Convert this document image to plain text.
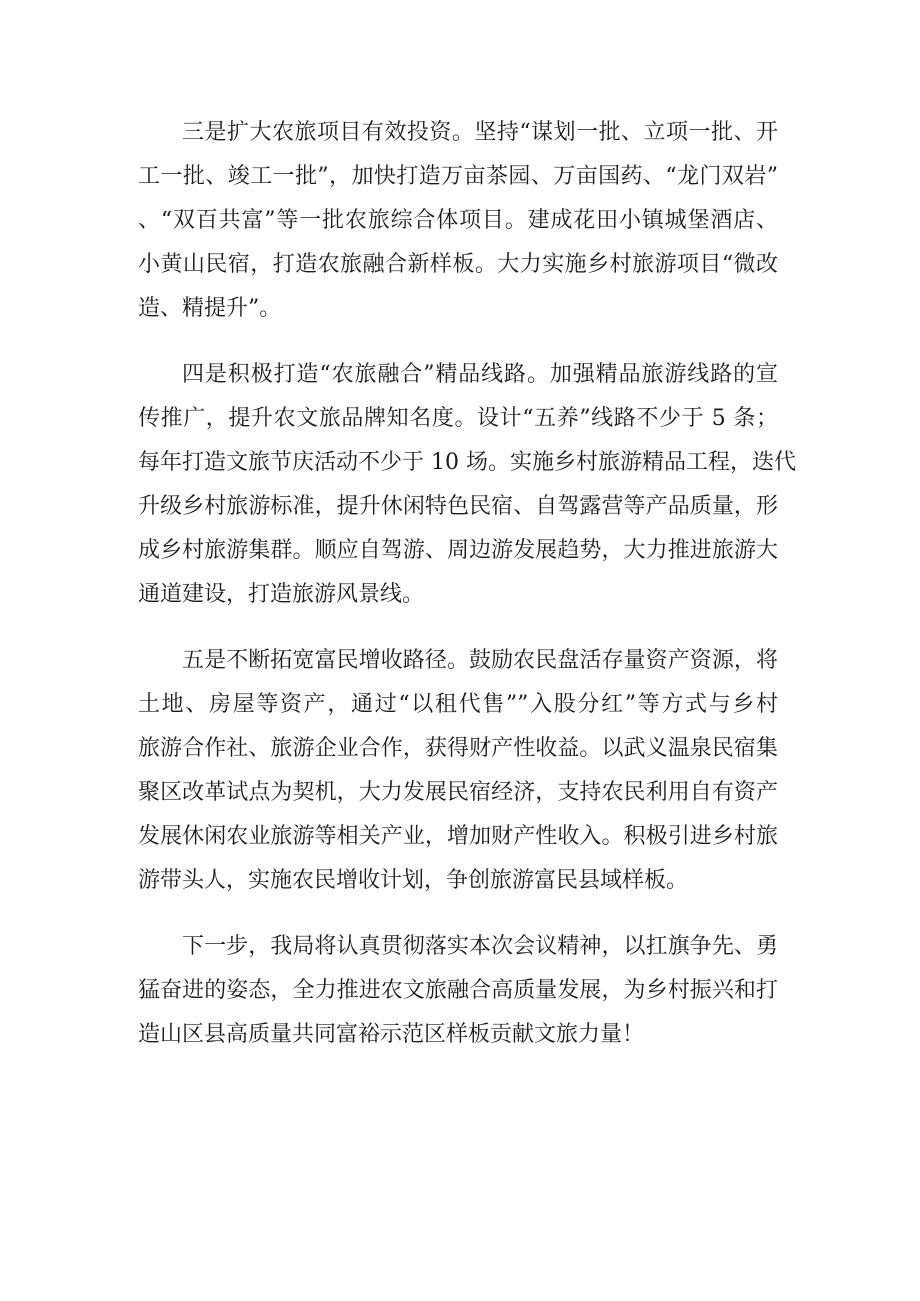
三是扩大农旅项目有效投资。坚持“谋划一批、立项一批、开
工一批、竣工一批”，加快打造万亩茶园、万亩国药、“龙门双岩”
、“双百共富”等一批农旅综合体项目。建成花田小镇城堡酒店、
小黄山民宿，打造农旅融合新样板。大力实施乡村旅游项目“微改
造、精提升”。
四是积极打造“农旅融合”精品线路。加强精品旅游线路的宣
传推广，提升农文旅品牌知名度。设计“五养”线路不少于 5 条；
每年打造文旅节庆活动不少于 10 场。实施乡村旅游精品工程，迭代
升级乡村旅游标准，提升休闲特色民宿、自驾露营等产品质量，形
成乡村旅游集群。顺应自驾游、周边游发展趋势，大力推进旅游大
通道建设，打造旅游风景线。
五是不断拓宽富民增收路径。鼓励农民盘活存量资产资源，将
土地、房屋等资产，通过“以租代售””入股分红”等方式与乡村
旅游合作社、旅游企业合作，获得财产性收益。以武义温泉民宿集
聚区改革试点为契机，大力发展民宿经济，支持农民利用自有资产
发展休闲农业旅游等相关产业，增加财产性收入。积极引进乡村旅
游带头人，实施农民增收计划，争创旅游富民县域样板。
下一步，我局将认真贯彻落实本次会议精神，以扛旗争先、勇
猛奋进的姿态，全力推进农文旅融合高质量发展，为乡村振兴和打
造山区县高质量共同富裕示范区样板贡献文旅力量！
